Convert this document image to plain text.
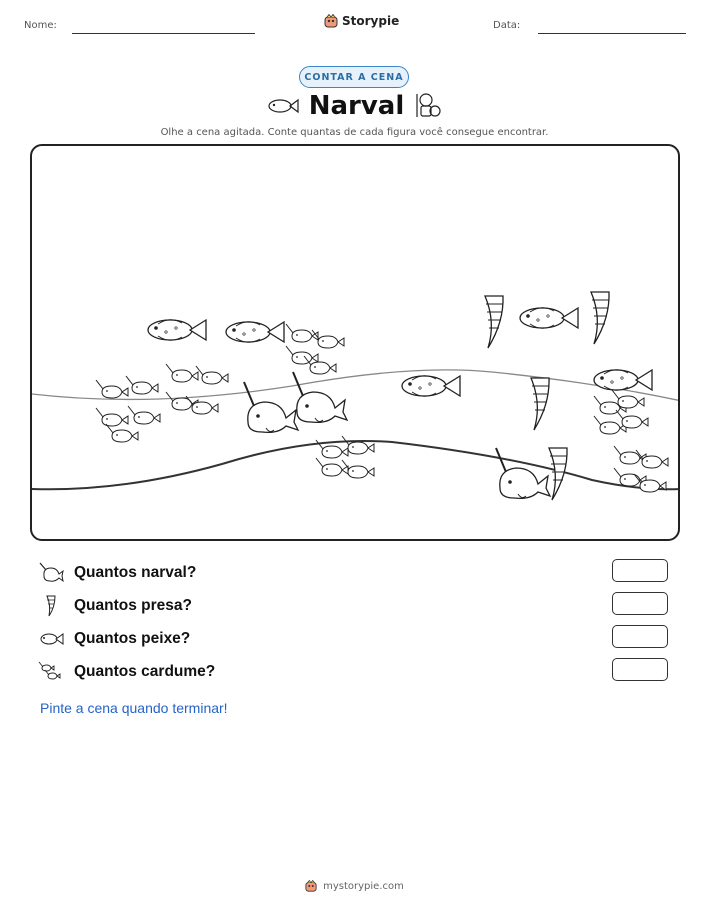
Nome:	Storypie	Data:
CONTAR A CENA
Narval
Olhe a cena agitada. Conte quantas de cada figura você consegue encontrar.
Quantos narval?
Quantos presa?
Quantos peixe?
Quantos cardume?
Pinte a cena quando terminar!
mystorypie.com
